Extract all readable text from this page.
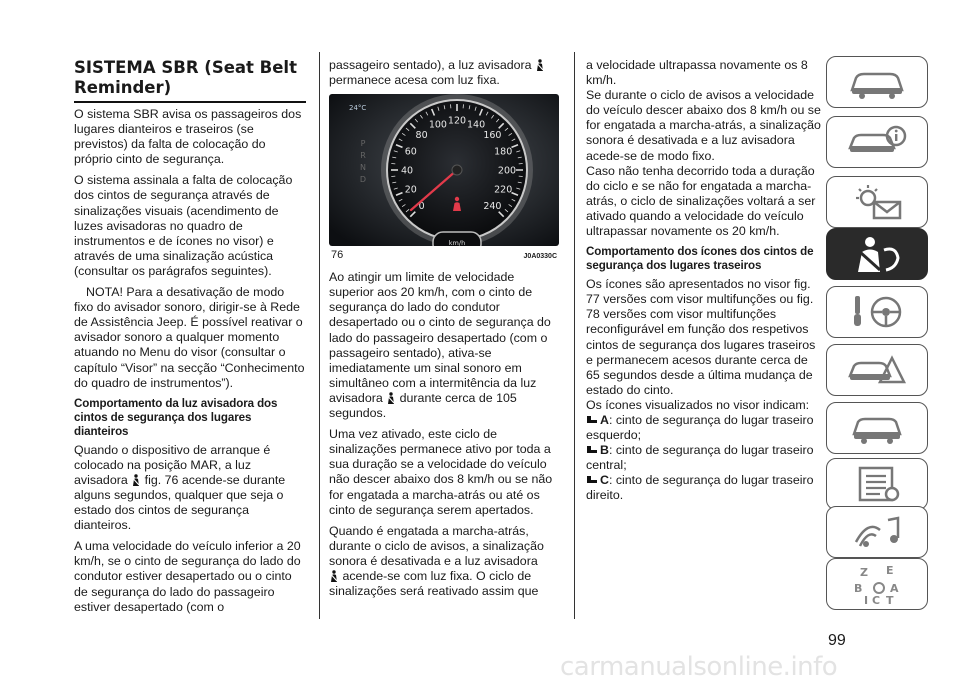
SISTEMA SBR (Seat Belt
Reminder)

O sistema SBR avisa os passageiros dos lugares dianteiros e traseiros (se previstos) da falta de colocação do próprio cinto de segurança.

O sistema assinala a falta de colocação dos cintos de segurança através de sinalizações visuais (acendimento de luzes avisadoras no quadro de instrumentos e de ícones no visor) e através de uma sinalização acústica (consultar os parágrafos seguintes).

NOTA! Para a desativação de modo fixo do avisador sonoro, dirigir-se à Rede de Assistência Jeep. É possível reativar o avisador sonoro a qualquer momento atuando no Menu do visor (consultar o capítulo “Visor” na secção “Conhecimento do quadro de instrumentos”).

Comportamento da luz avisadora dos cintos de segurança dos lugares dianteiros

Quando o dispositivo de arranque é colocado na posição MAR, a luz avisadora fig. 76 acende-se durante alguns segundos, qualquer que seja o estado dos cintos de segurança dianteiros.

A uma velocidade do veículo inferior a 20 km/h, se o cinto de segurança do lado do condutor estiver desapertado ou o cinto de segurança do lado do passageiro estiver desapertado (com o

passageiro sentado), a luz avisadora  permanece acesa com luz fixa.

0
20
40
60
80
100 120 140
160
180
200
220
240
km/h
24°C
P
R
N
D
76	J0A0330C

Ao atingir um limite de velocidade superior aos 20 km/h, com o cinto de segurança do lado do condutor desapertado ou o cinto de segurança do lado do passageiro desapertado (com o passageiro sentado), ativa-se imediatamente um sinal sonoro em simultâneo com a intermitência da luz avisadora durante cerca de 105 segundos.

Uma vez ativado, este ciclo de sinalizações permanece ativo por toda a sua duração se a velocidade do veículo não descer abaixo dos 8 km/h ou se não for engatada a marcha-atrás ou até os cinto de segurança serem apertados.

Quando é engatada a marcha-atrás, durante o ciclo de avisos, a sinalização sonora é desativada e a luz avisadora
acende-se com luz fixa. O ciclo de sinalizações será reativado assim que

a velocidade ultrapassa novamente os 8 km/h.

Se durante o ciclo de avisos a velocidade do veículo descer abaixo dos 8 km/h ou se for engatada a marcha-atrás, a sinalização sonora é desativada e a luz avisadora acede-se de modo fixo.

Caso não tenha decorrido toda a duração do ciclo e se não for engatada a marcha-atrás, o ciclo de sinalizações voltará a ser ativado quando a velocidade do veículo ultrapassar novamente os 20 km/h.

Comportamento dos ícones dos cintos de segurança dos lugares traseiros

Os ícones são apresentados no visor fig. 77 versões com visor multifunções ou fig. 78 versões com visor multifunções reconfigurável em função dos respetivos cintos de segurança dos lugares traseiros e permanecem acesos durante cerca de 65 segundos desde a última mudança de estado do cinto.

Os ícones visualizados no visor indicam:

A: cinto de segurança do lugar traseiro esquerdo;
B: cinto de segurança do lugar traseiro central;
C: cinto de segurança do lugar traseiro direito.
Z E
B	A
I C T
99
carmanualsonline.info
